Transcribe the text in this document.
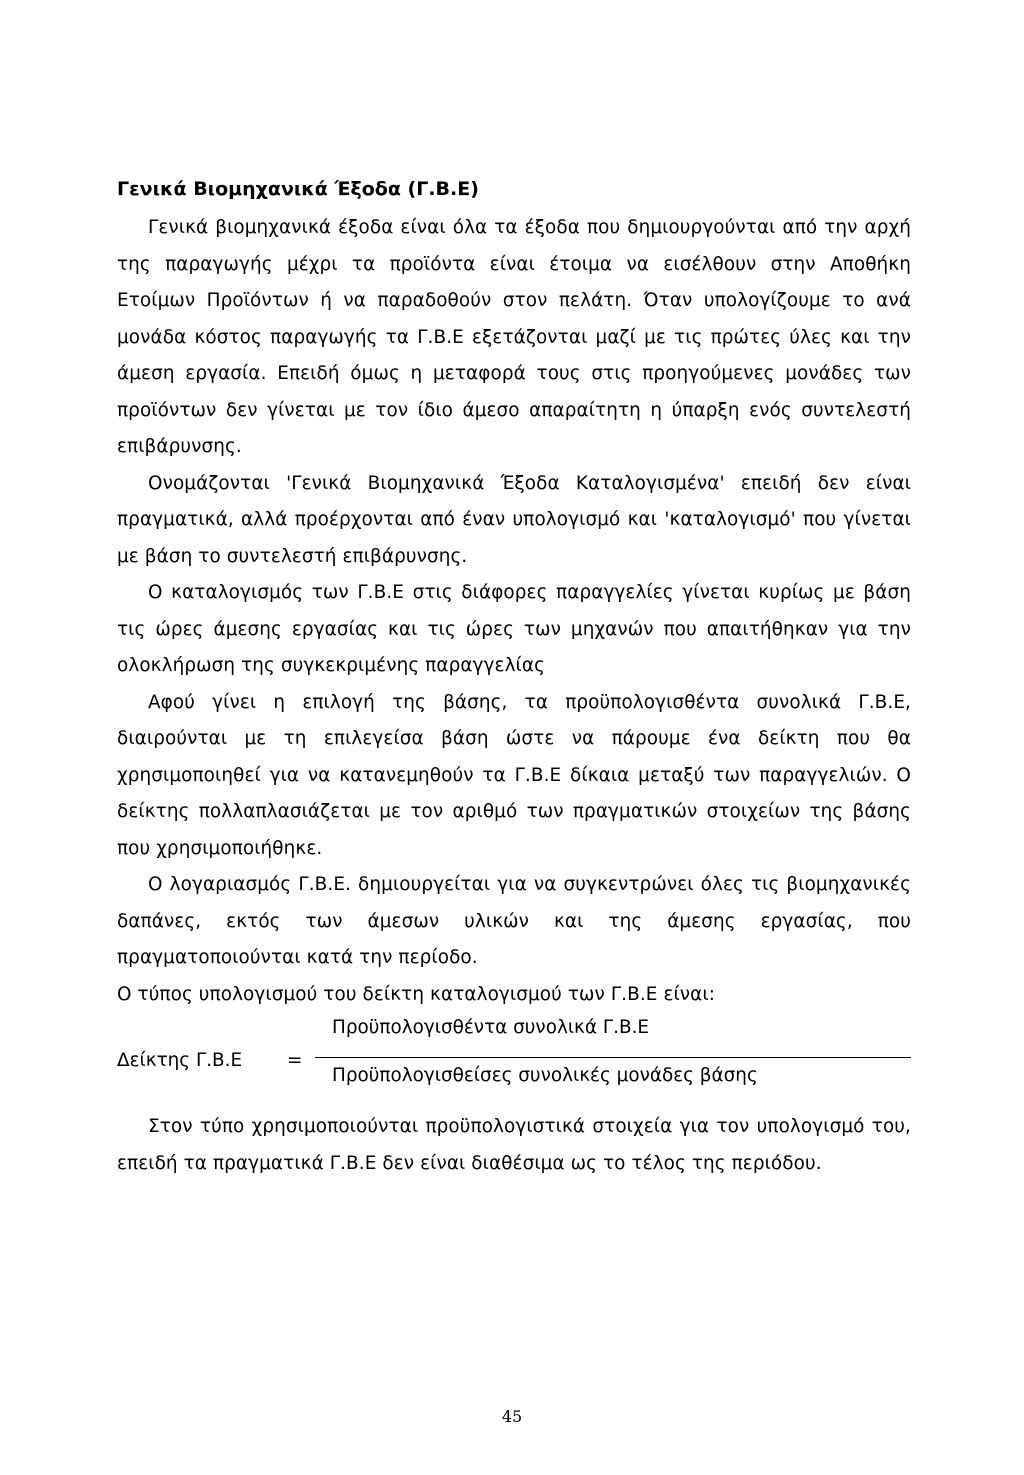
Γενικά Βιομηχανικά Έξοδα (Γ.Β.Ε)

Γενικά βιομηχανικά έξοδα είναι όλα τα έξοδα που δημιουργούνται από την αρχή της παραγωγής μέχρι τα προϊόντα είναι έτοιμα να εισέλθουν στην Αποθήκη Ετοίμων Προϊόντων ή να παραδοθούν στον πελάτη. Όταν υπολογίζουμε το ανά μονάδα κόστος παραγωγής τα Γ.Β.Ε εξετάζονται μαζί με τις πρώτες ύλες και την άμεση εργασία. Επειδή όμως η μεταφορά τους στις προηγούμενες μονάδες των προϊόντων δεν γίνεται με τον ίδιο άμεσο απαραίτητη η ύπαρξη ενός συντελεστή επιβάρυνσης.

Ονομάζονται 'Γενικά Βιομηχανικά Έξοδα Καταλογισμένα' επειδή δεν είναι πραγματικά, αλλά προέρχονται από έναν υπολογισμό και 'καταλογισμό' που γίνεται με βάση το συντελεστή επιβάρυνσης.

Ο καταλογισμός των Γ.Β.Ε στις διάφορες παραγγελίες γίνεται κυρίως με βάση τις ώρες άμεσης εργασίας και τις ώρες των μηχανών που απαιτήθηκαν για την ολοκλήρωση της συγκεκριμένης παραγγελίας

Αφού γίνει η επιλογή της βάσης, τα προϋπολογισθέντα συνολικά Γ.Β.Ε, διαιρούνται με τη επιλεγείσα βάση ώστε να πάρουμε ένα δείκτη που θα χρησιμοποιηθεί για να κατανεμηθούν τα Γ.Β.Ε δίκαια μεταξύ των παραγγελιών. Ο δείκτης πολλαπλασιάζεται με τον αριθμό των πραγματικών στοιχείων της βάσης που χρησιμοποιήθηκε.

Ο λογαριασμός Γ.Β.Ε. δημιουργείται για να συγκεντρώνει όλες τις βιομηχανικές δαπάνες, εκτός των άμεσων υλικών και της άμεσης εργασίας, που πραγματοποιούνται κατά την περίοδο.

Ο τύπος υπολογισμού του δείκτη καταλογισμού των Γ.Β.Ε είναι:

Δείκτης Γ.Β.Ε =
Προϋπολογισθέντα συνολικά Γ.Β.Ε
Προϋπολογισθείσες συνολικές μονάδες βάσης

Στον τύπο χρησιμοποιούνται προϋπολογιστικά στοιχεία για τον υπολογισμό του, επειδή τα πραγματικά Γ.Β.Ε δεν είναι διαθέσιμα ως το τέλος της περιόδου.

45
